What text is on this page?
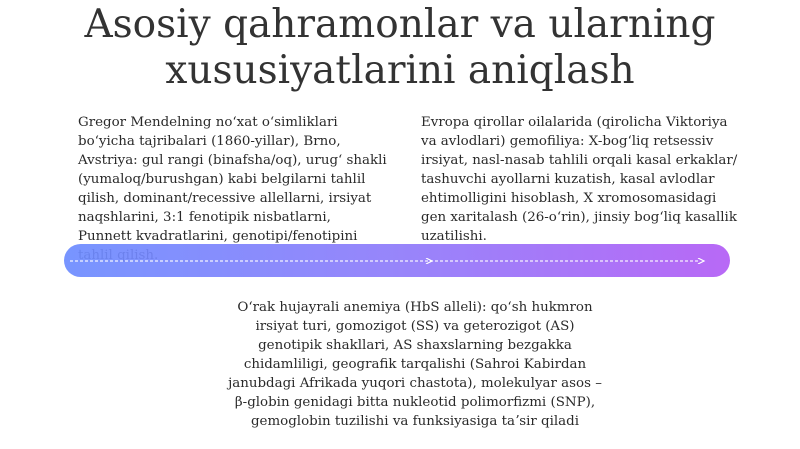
Asosiy qahramonlar va ularning
xususiyatlarini aniqlash

Gregor Mendelning noʻxat oʻsimliklari boʻyicha tajribalari (1860-yillar), Brno, Avstriya: gul rangi (binafsha/oq), urugʻ shakli (yumaloq/burushgan) kabi belgilarni tahlil qilish, dominant/recessive allellarni, irsiyat naqshlarini, 3:1 fenotipik nisbatlarni, Punnett kvadratlarini, genotipi/fenotipini

Evropa qirollar oilalarida (qirolicha Viktoriya va avlodlari) gemofiliya: X-bogʻliq retsessiv irsiyat, nasl-nasab tahlili orqali kasal erkaklar/ tashuvchi ayollarni kuzatish, kasal avlodlar ehtimolligini hisoblash, X xromosomasidagi gen xaritalash (26-oʻrin), jinsiy bogʻliq kasallik uzatilishi.

Oʻrak hujayrali anemiya (HbS alleli): qoʻsh hukmron irsiyat turi, gomozigot (SS) va geterozigot (AS) genotipik shakllari, AS shaxslarning bezgakka chidamliligi, geografik tarqalishi (Sahroi Kabirdan janubdagi Afrikada yuqori chastota), molekulyar asos – β-globin genidagi bitta nukleotid polimorfizmi (SNP), gemoglobin tuzilishi va funksiyasiga taʼsir qiladi
